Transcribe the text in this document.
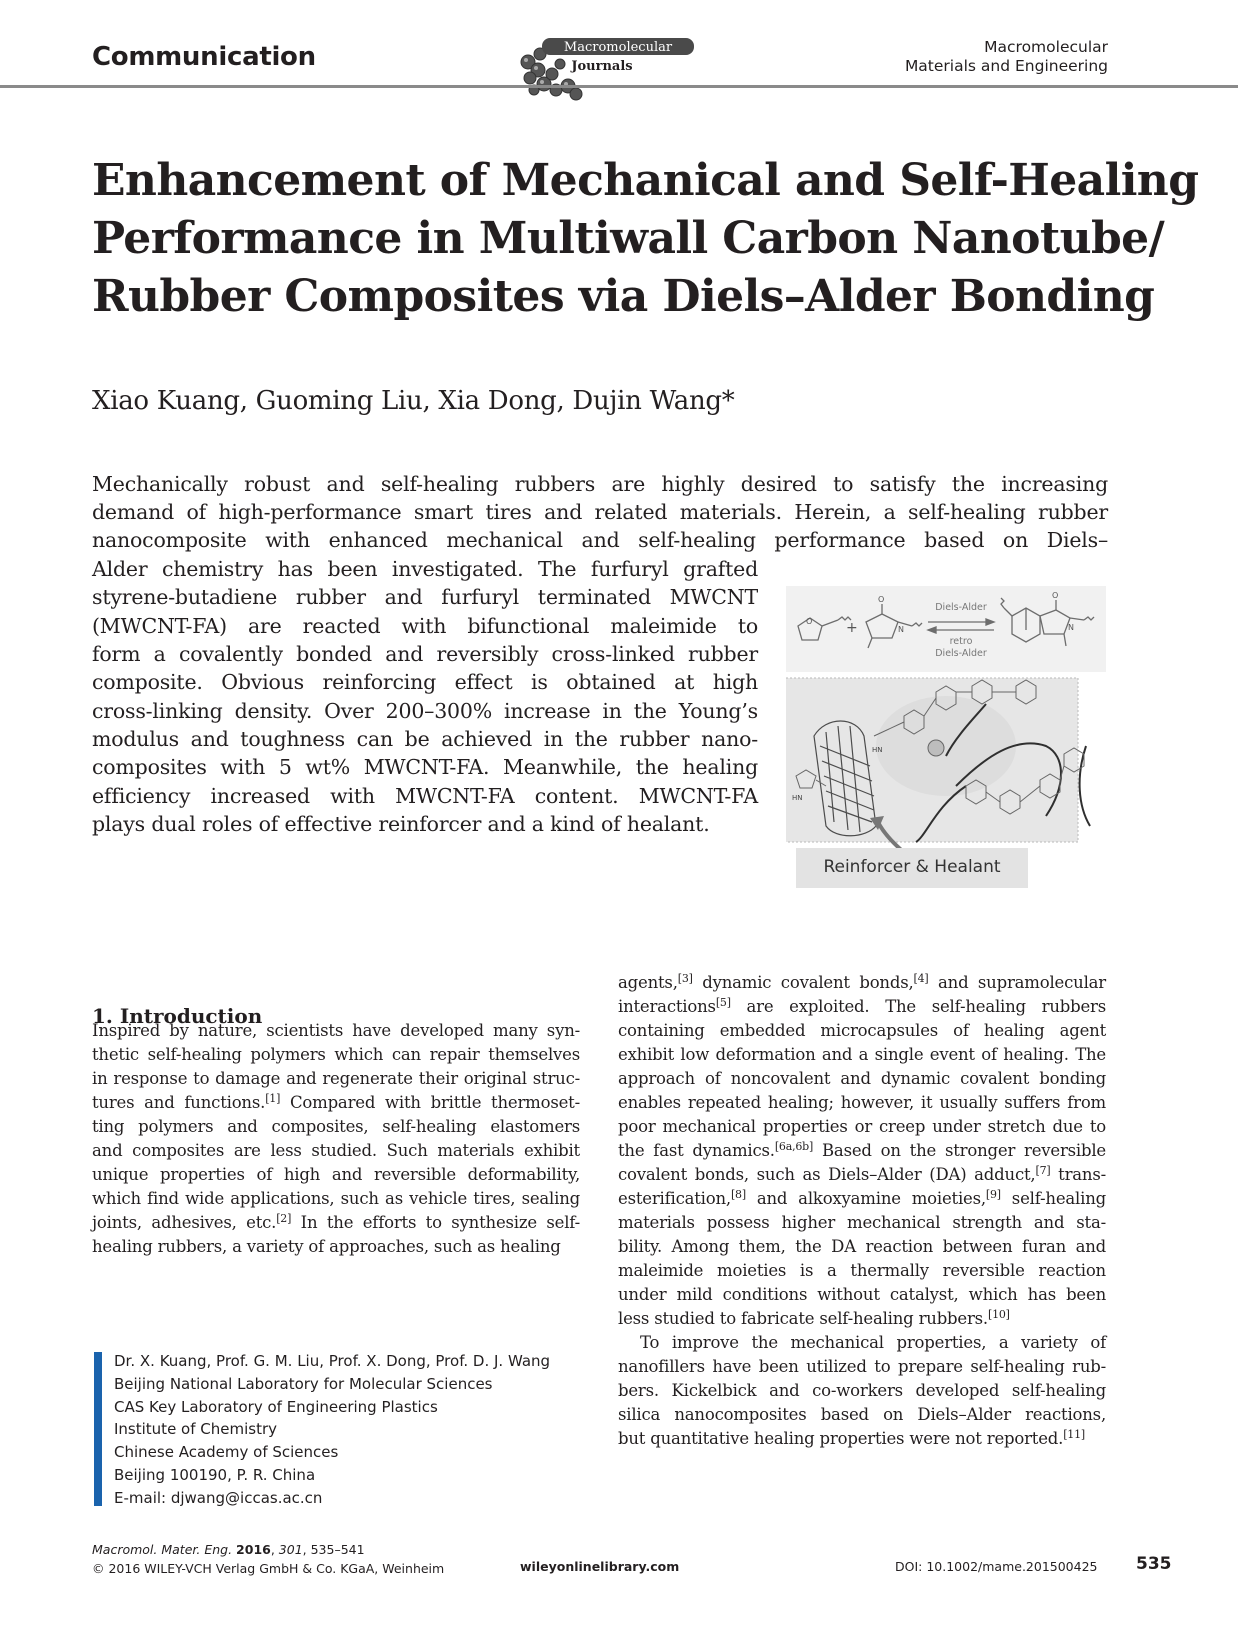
Communication	Macromolecular
Journals
Macromolecular
Materials and Engineering
Enhancement of Mechanical and Self-Healing
Performance in Multiwall Carbon Nanotube/
Rubber Composites via Diels–Alder Bonding
Xiao Kuang, Guoming Liu, Xia Dong, Dujin Wang*
Mechanically robust and self-healing rubbers are highly desired to satisfy the increasing
demand of high-performance smart tires and related materials. Herein, a self-healing rubber
nanocomposite with enhanced mechanical and self-healing performance based on Diels–
Alder chemistry has been investigated. The furfuryl grafted
styrene-butadiene rubber and furfuryl terminated MWCNT
(MWCNT-FA) are reacted with bifunctional maleimide to
form a covalently bonded and reversibly cross-linked rubber
composite. Obvious reinforcing effect is obtained at high
cross-linking density. Over 200–300% increase in the Young’s
modulus and toughness can be achieved in the rubber nano-
composites with 5 wt% MWCNT-FA. Meanwhile, the healing
efficiency increased with MWCNT-FA content. MWCNT-FA
plays dual roles of effective reinforcer and a kind of healant.
O +
O
N
O
N
Diels-Alder
retro
Diels-Alder
HN
HN
Reinforcer & Healant
1. Introduction
Inspired by nature, scientists have developed many syn-
thetic self-healing polymers which can repair themselves
in response to damage and regenerate their original struc-
tures and functions.[1] Compared with brittle thermoset-
ting polymers and composites, self-healing elastomers
and composites are less studied. Such materials exhibit
unique properties of high and reversible deformability,
which find wide applications, such as vehicle tires, sealing
joints, adhesives, etc.[2] In the efforts to synthesize self-
healing rubbers, a variety of approaches, such as healing
agents,[3] dynamic covalent bonds,[4] and supramolecular
interactions[5] are exploited. The self-healing rubbers
containing embedded microcapsules of healing agent
exhibit low deformation and a single event of healing. The
approach of noncovalent and dynamic covalent bonding
enables repeated healing; however, it usually suffers from
poor mechanical properties or creep under stretch due to
the fast dynamics.[6a,6b] Based on the stronger reversible
covalent bonds, such as Diels–Alder (DA) adduct,[7] trans-
esterification,[8] and alkoxyamine moieties,[9] self-healing
materials possess higher mechanical strength and sta-
bility. Among them, the DA reaction between furan and
maleimide moieties is a thermally reversible reaction
under mild conditions without catalyst, which has been
less studied to fabricate self-healing rubbers.[10]
To improve the mechanical properties, a variety of
nanofillers have been utilized to prepare self-healing rub-
bers. Kickelbick and co-workers developed self-healing
silica nanocomposites based on Diels–Alder reactions,
but quantitative healing properties were not reported.[11]
Dr. X. Kuang, Prof. G. M. Liu, Prof. X. Dong, Prof. D. J. Wang
Beijing National Laboratory for Molecular Sciences
CAS Key Laboratory of Engineering Plastics
Institute of Chemistry
Chinese Academy of Sciences
Beijing 100190, P. R. China
E-mail: djwang@iccas.ac.cn
Macromol. Mater. Eng. 2016, 301, 535–541
© 2016 WILEY-VCH Verlag GmbH & Co. KGaA, Weinheim	wileyonlinelibrary.com	DOI: 10.1002/mame.201500425 535
